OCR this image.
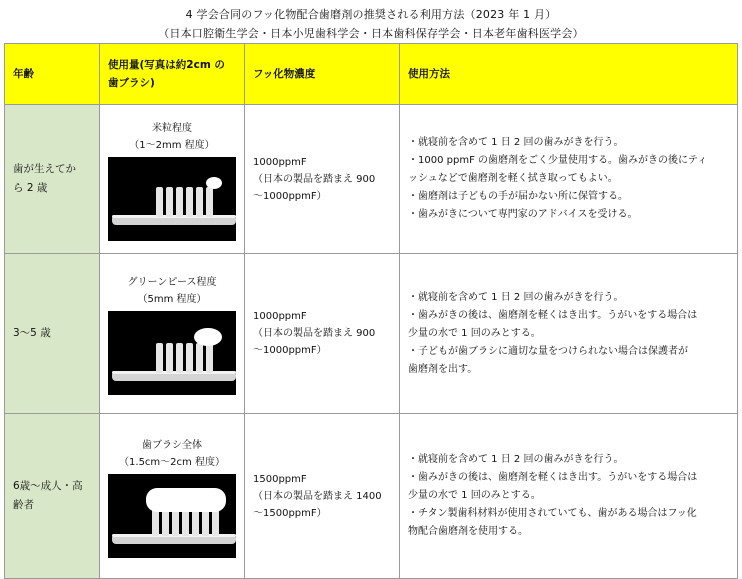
4 学会合同のフッ化物配合歯磨剤の推奨される利用方法（2023 年 1 月）
（日本口腔衛生学会・日本小児歯科学会・日本歯科保存学会・日本老年歯科医学会）
年齢	使用量(写真は約2cm の
歯ブラシ)	フッ化物濃度	使用方法

歯が生えてか
ら 2 歳	米粒程度
（1～2mm 程度）	1000ppmF
（日本の製品を踏まえ 900
～1000ppmF）	・就寝前を含めて 1 日 2 回の歯みがきを行う。
・1000 ppmF の歯磨剤をごく少量使用する。歯みがきの後にティ
ッシュなどで歯磨剤を軽く拭き取ってもよい。
・歯磨剤は子どもの手が届かない所に保管する。
・歯みがきについて専門家のアドバイスを受ける。

3～5 歳	グリーンピース程度
（5mm 程度）	1000ppmF
（日本の製品を踏まえ 900
～1000ppmF）	・就寝前を含めて 1 日 2 回の歯みがきを行う。
・歯みがきの後は、歯磨剤を軽くはき出す。うがいをする場合は
少量の水で 1 回のみとする。
・子どもが歯ブラシに適切な量をつけられない場合は保護者が
歯磨剤を出す。

6歳～成人・高
齢者	歯ブラシ全体
（1.5cm～2cm 程度）	1500ppmF
（日本の製品を踏まえ 1400
～1500ppmF）	・就寝前を含めて 1 日 2 回の歯みがきを行う。
・歯みがきの後は、歯磨剤を軽くはき出す。うがいをする場合は
少量の水で 1 回のみとする。
・チタン製歯科材料が使用されていても、歯がある場合はフッ化
物配合歯磨剤を使用する。
